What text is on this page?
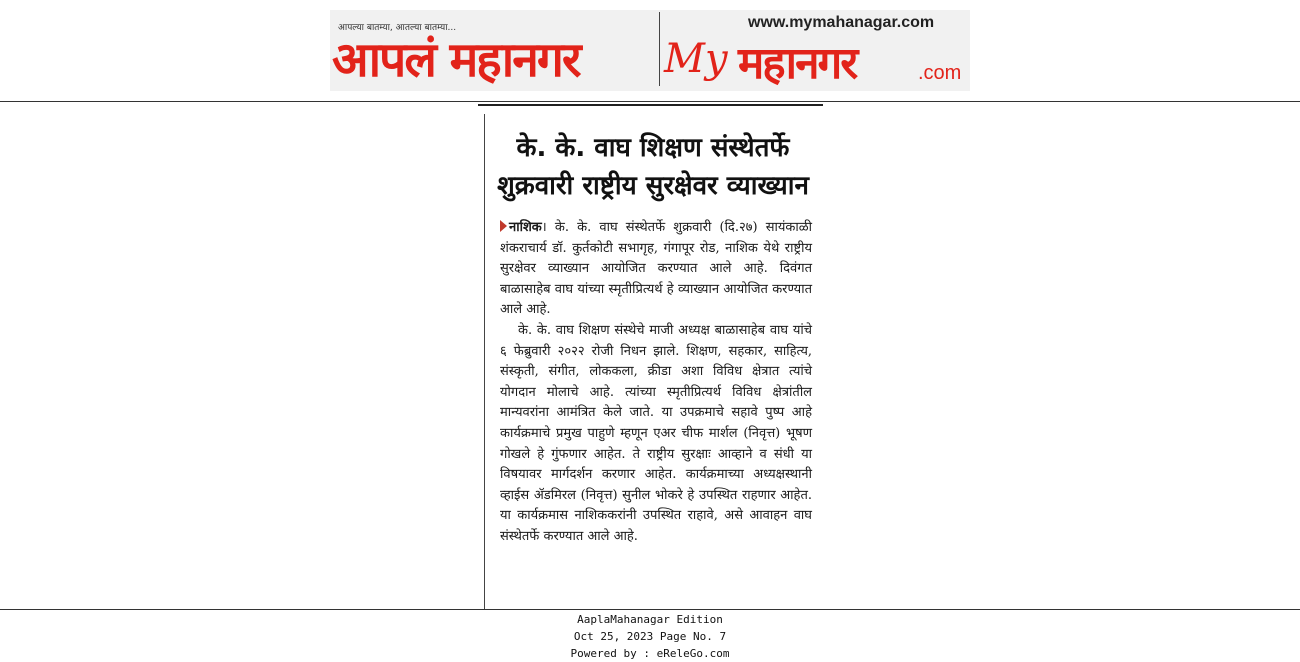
आपल्या बातम्या, आतल्या बातम्या...
आपलं महानगर My
www.mymahanagar.com
महानगर	.com
के. के. वाघ शिक्षण संस्थेतर्फे
शुक्रवारी राष्ट्रीय सुरक्षेवर व्याख्यान

नाशिक। के. के. वाघ संस्थेतर्फे शुक्रवारी (दि.२७) सायंकाळी शंकराचार्य डॉ. कुर्तकोटी सभागृह, गंगापूर रोड, नाशिक येथे राष्ट्रीय सुरक्षेवर व्याख्यान आयोजित करण्यात आले आहे. दिवंगत बाळासाहेब वाघ यांच्या स्मृतीप्रित्यर्थ हे व्याख्यान आयोजित करण्यात आले आहे.

के. के. वाघ शिक्षण संस्थेचे माजी अध्यक्ष बाळासाहेब वाघ यांचे ६ फेब्रुवारी २०२२ रोजी निधन झाले. शिक्षण, सहकार, साहित्य, संस्कृती, संगीत, लोककला, क्रीडा अशा विविध क्षेत्रात त्यांचे योगदान मोलाचे आहे. त्यांच्या स्मृतीप्रित्यर्थ विविध क्षेत्रांतील मान्यवरांना आमंत्रित केले जाते. या उपक्रमाचे सहावे पुष्प आहे कार्यक्रमाचे प्रमुख पाहुणे म्हणून एअर चीफ मार्शल (निवृत्त) भूषण गोखले हे गुंफणार आहेत. ते राष्ट्रीय सुरक्षाः आव्हाने व संधी या विषयावर मार्गदर्शन करणार आहेत. कार्यक्रमाच्या अध्यक्षस्थानी व्हाईस ॲडमिरल (निवृत्त) सुनील भोकरे हे उपस्थित राहणार आहेत. या कार्यक्रमास नाशिककरांनी उपस्थित राहावे, असे आवाहन वाघ संस्थेतर्फे करण्यात आले आहे.

AaplaMahanagar Edition
Oct 25, 2023 Page No. 7
Powered by : eReleGo.com
